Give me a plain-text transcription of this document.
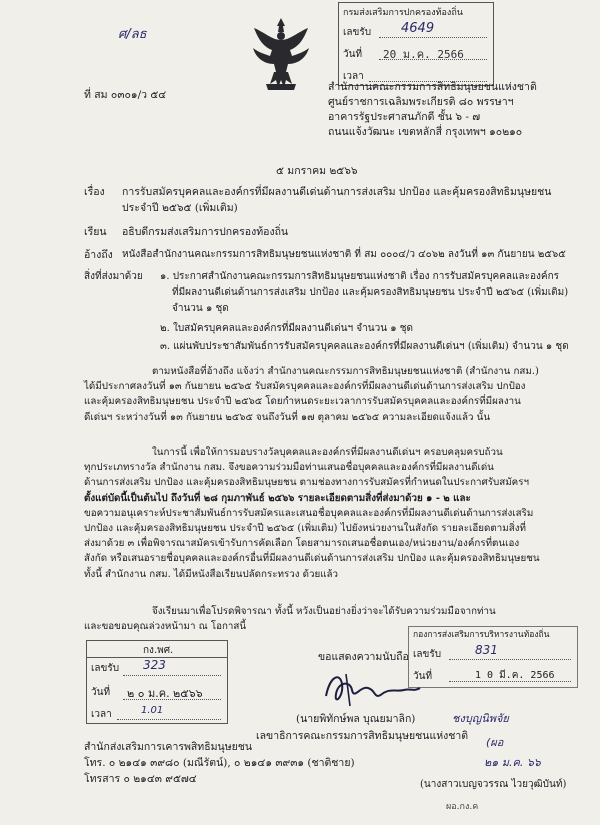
ศ/ลธ
กรมส่งเสริมการปกครองท้องถิ่น
เลขรับ 4649
วันที่ 20 ม.ค. 2566
เวลา
ที่ สม ๐๓๐๑/ว ๕๔
สำนักงานคณะกรรมการสิทธิมนุษยชนแห่งชาติ
ศูนย์ราชการเฉลิมพระเกียรติ ๘๐ พรรษาฯ
อาคารรัฐประศาสนภักดี ชั้น ๖ - ๗
ถนนแจ้งวัฒนะ เขตหลักสี่ กรุงเทพฯ ๑๐๒๑๐
๕ มกราคม ๒๕๖๖
เรื่อง การรับสมัครบุคคลและองค์กรที่มีผลงานดีเด่นด้านการส่งเสริม ปกป้อง และคุ้มครองสิทธิมนุษยชน
ประจำปี ๒๕๖๕ (เพิ่มเติม)
เรียน อธิบดีกรมส่งเสริมการปกครองท้องถิ่น
อ้างถึง หนังสือสำนักงานคณะกรรมการสิทธิมนุษยชนแห่งชาติ ที่ สม ๐๐๐๔/ว ๔๐๖๒ ลงวันที่ ๑๓ กันยายน ๒๕๖๕
สิ่งที่ส่งมาด้วย ๑. ประกาศสำนักงานคณะกรรมการสิทธิมนุษยชนแห่งชาติ เรื่อง การรับสมัครบุคคลและองค์กร
ที่มีผลงานดีเด่นด้านการส่งเสริม ปกป้อง และคุ้มครองสิทธิมนุษยชน ประจำปี ๒๕๖๕ (เพิ่มเติม)
จำนวน ๑ ชุด
๒. ใบสมัครบุคคลและองค์กรที่มีผลงานดีเด่นฯ จำนวน ๑ ชุด
๓. แผ่นพับประชาสัมพันธ์การรับสมัครบุคคลและองค์กรที่มีผลงานดีเด่นฯ (เพิ่มเติม) จำนวน ๑ ชุด
ตามหนังสือที่อ้างถึง แจ้งว่า สำนักงานคณะกรรมการสิทธิมนุษยชนแห่งชาติ (สำนักงาน กสม.)
ได้มีประกาศลงวันที่ ๑๓ กันยายน ๒๕๖๕ รับสมัครบุคคลและองค์กรที่มีผลงานดีเด่นด้านการส่งเสริม ปกป้อง
และคุ้มครองสิทธิมนุษยชน ประจำปี ๒๕๖๕ โดยกำหนดระยะเวลาการรับสมัครบุคคลและองค์กรที่มีผลงาน
ดีเด่นฯ ระหว่างวันที่ ๑๓ กันยายน ๒๕๖๕ จนถึงวันที่ ๑๗ ตุลาคม ๒๕๖๕ ความละเอียดแจ้งแล้ว นั้น
ในการนี้ เพื่อให้การมอบรางวัลบุคคลและองค์กรที่มีผลงานดีเด่นฯ ครอบคลุมครบถ้วน
ทุกประเภทรางวัล สำนักงาน กสม. จึงขอความร่วมมือท่านเสนอชื่อบุคคลและองค์กรที่มีผลงานดีเด่น
ด้านการส่งเสริม ปกป้อง และคุ้มครองสิทธิมนุษยชน ตามช่องทางการรับสมัครที่กำหนดในประกาศรับสมัครฯ
ตั้งแต่บัดนี้เป็นต้นไป ถึงวันที่ ๒๘ กุมภาพันธ์ ๒๕๖๖ รายละเอียดตามสิ่งที่ส่งมาด้วย ๑ - ๒ และ
ขอความอนุเคราะห์ประชาสัมพันธ์การรับสมัครและเสนอชื่อบุคคลและองค์กรที่มีผลงานดีเด่นด้านการส่งเสริม
ปกป้อง และคุ้มครองสิทธิมนุษยชน ประจำปี ๒๕๖๕ (เพิ่มเติม) ไปยังหน่วยงานในสังกัด รายละเอียดตามสิ่งที่
ส่งมาด้วย ๓ เพื่อพิจารณาสมัครเข้ารับการคัดเลือก โดยสามารถเสนอชื่อตนเอง/หน่วยงาน/องค์กรที่ตนเอง
สังกัด หรือเสนอรายชื่อบุคคลและองค์กรอื่นที่มีผลงานดีเด่นด้านการส่งเสริม ปกป้อง และคุ้มครองสิทธิมนุษยชน
ทั้งนี้ สำนักงาน กสม. ได้มีหนังสือเรียนปลัดกระทรวง ด้วยแล้ว
จึงเรียนมาเพื่อโปรดพิจารณา ทั้งนี้ หวังเป็นอย่างยิ่งว่าจะได้รับความร่วมมือจากท่าน
และขอขอบคุณล่วงหน้ามา ณ โอกาสนี้
กง.พศ.
เลขรับ 323
วันที่ ๒ ๐ ม.ค. ๒๕๖๖
เวลา	1.01
กองการส่งเสริมการบริหารงานท้องถิ่น
เลขรับ	831
วันที่	1 0 มี.ค. 2566
ขอแสดงความนับถือ
(นายพิทักษ์พล บุณยมาลิก)
เลขาธิการคณะกรรมการสิทธิมนุษยชนแห่งชาติ
ชงบุญนิพจัย
(ผอ
๒๑ ม.ค. ๖๖
(นางสาวเบญจวรรณ ไวยวุฒิบันท์)
ผอ.กง.ค
สำนักส่งเสริมการเคารพสิทธิมนุษยชน
โทร. ๐ ๒๑๔๑ ๓๙๘๐ (มณีรัตน์), ๐ ๒๑๔๑ ๓๙๓๑ (ชาติชาย)
โทรสาร ๐ ๒๑๔๓ ๙๕๗๔
